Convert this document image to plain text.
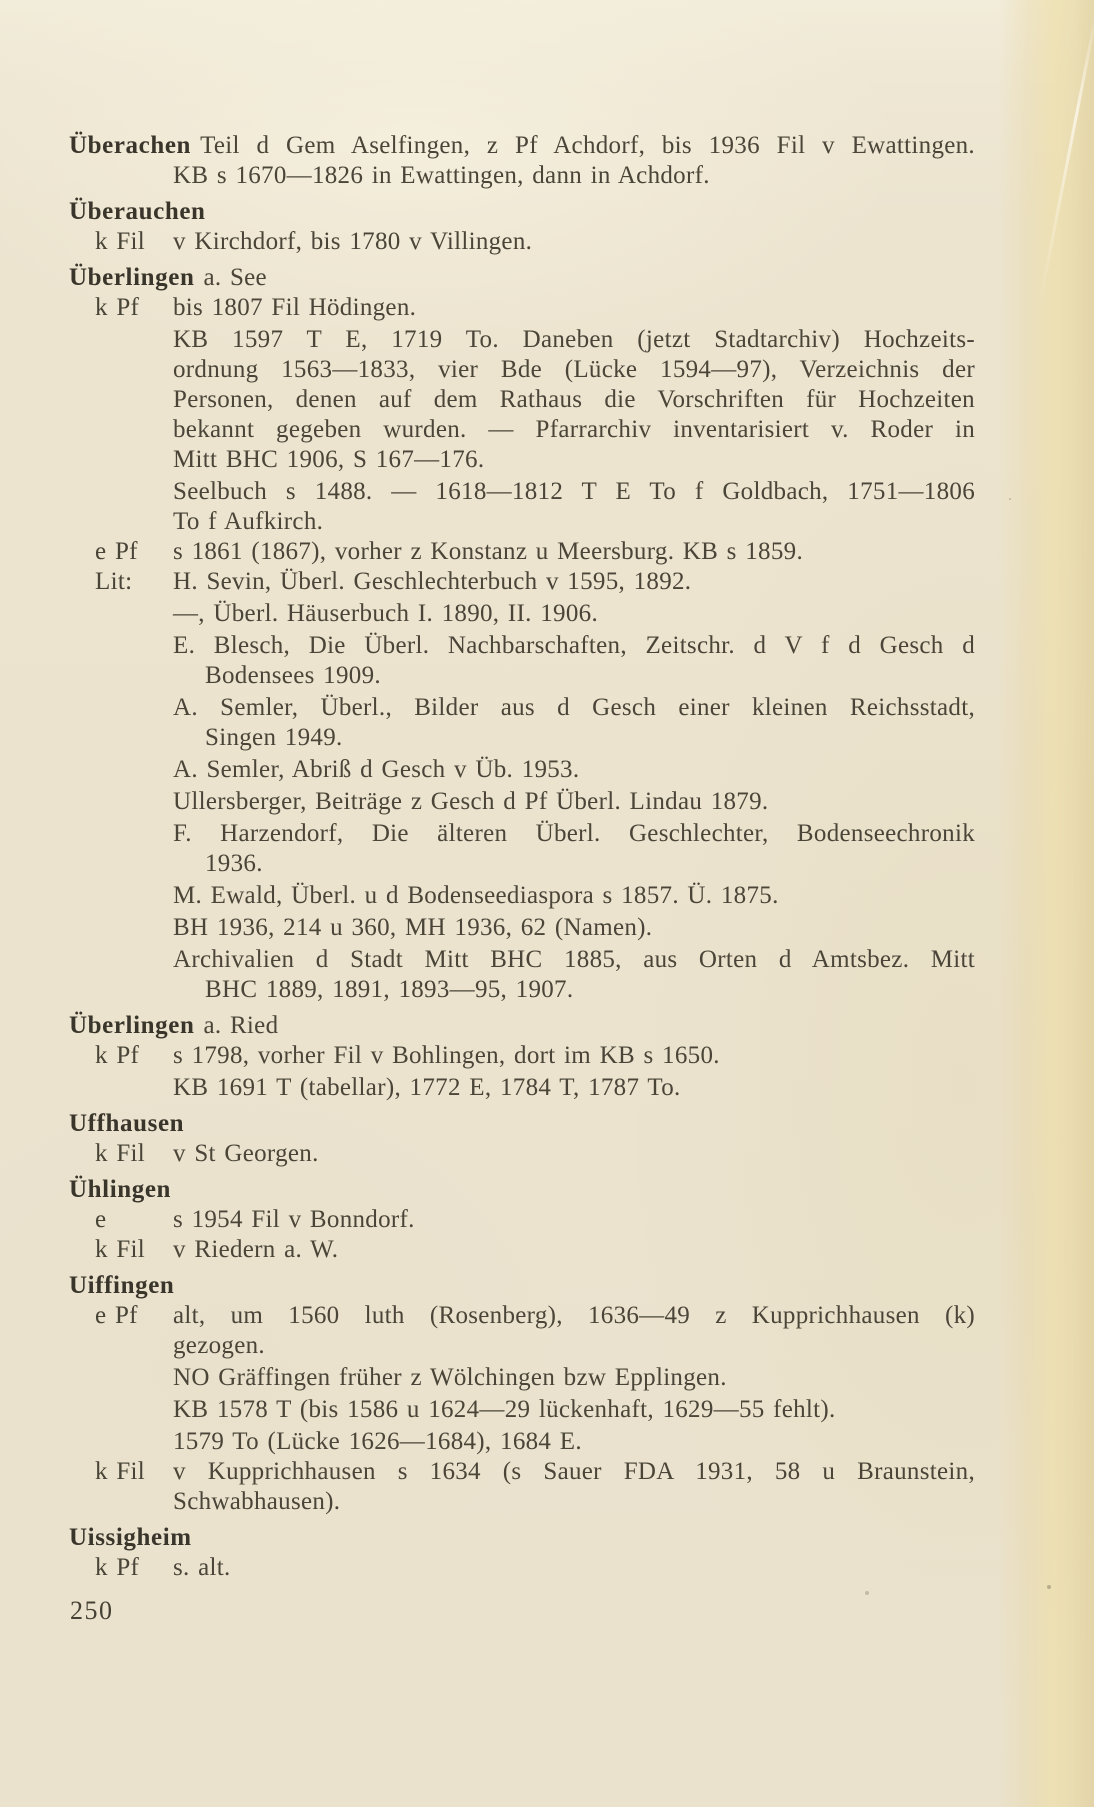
Überachen Teil d Gem Aselfingen, z Pf Achdorf, bis 1936 Fil v Ewattingen.
KB s 1670—1826 in Ewattingen, dann in Achdorf.
Überauchen
k Fil	v Kirchdorf, bis 1780 v Villingen.
Überlingen a. See
k Pf	bis 1807 Fil Hödingen.
KB 1597 T E, 1719 To. Daneben (jetzt Stadtarchiv) Hochzeits-
ordnung 1563—1833, vier Bde (Lücke 1594—97), Verzeichnis der
Personen, denen auf dem Rathaus die Vorschriften für Hochzeiten
bekannt gegeben wurden. — Pfarrarchiv inventarisiert v. Roder in
Mitt BHC 1906, S 167—176.
Seelbuch s 1488. — 1618—1812 T E To f Goldbach, 1751—1806
To f Aufkirch.
e Pf	s 1861 (1867), vorher z Konstanz u Meersburg. KB s 1859.
Lit:	H. Sevin, Überl. Geschlechterbuch v 1595, 1892.
—, Überl. Häuserbuch I. 1890, II. 1906.
E. Blesch, Die Überl. Nachbarschaften, Zeitschr. d V f d Gesch d
Bodensees 1909.
A. Semler, Überl., Bilder aus d Gesch einer kleinen Reichsstadt,
Singen 1949.
A. Semler, Abriß d Gesch v Üb. 1953.
Ullersberger, Beiträge z Gesch d Pf Überl. Lindau 1879.
F. Harzendorf, Die älteren Überl. Geschlechter, Bodenseechronik
1936.
M. Ewald, Überl. u d Bodenseediaspora s 1857. Ü. 1875.
BH 1936, 214 u 360, MH 1936, 62 (Namen).
Archivalien d Stadt Mitt BHC 1885, aus Orten d Amtsbez. Mitt
BHC 1889, 1891, 1893—95, 1907.
Überlingen a. Ried
k Pf	s 1798, vorher Fil v Bohlingen, dort im KB s 1650.
KB 1691 T (tabellar), 1772 E, 1784 T, 1787 To.
Uffhausen
k Fil	v St Georgen.
Ühlingen
e	s 1954 Fil v Bonndorf.
k Fil	v Riedern a. W.
Uiffingen
e Pf	alt, um 1560 luth (Rosenberg), 1636—49 z Kupprichhausen (k)
gezogen.
NO Gräffingen früher z Wölchingen bzw Epplingen.
KB 1578 T (bis 1586 u 1624—29 lückenhaft, 1629—55 fehlt).
1579 To (Lücke 1626—1684), 1684 E.
k Fil	v Kupprichhausen s 1634 (s Sauer FDA 1931, 58 u Braunstein,
Schwabhausen).
Uissigheim
k Pf	s. alt.
250
